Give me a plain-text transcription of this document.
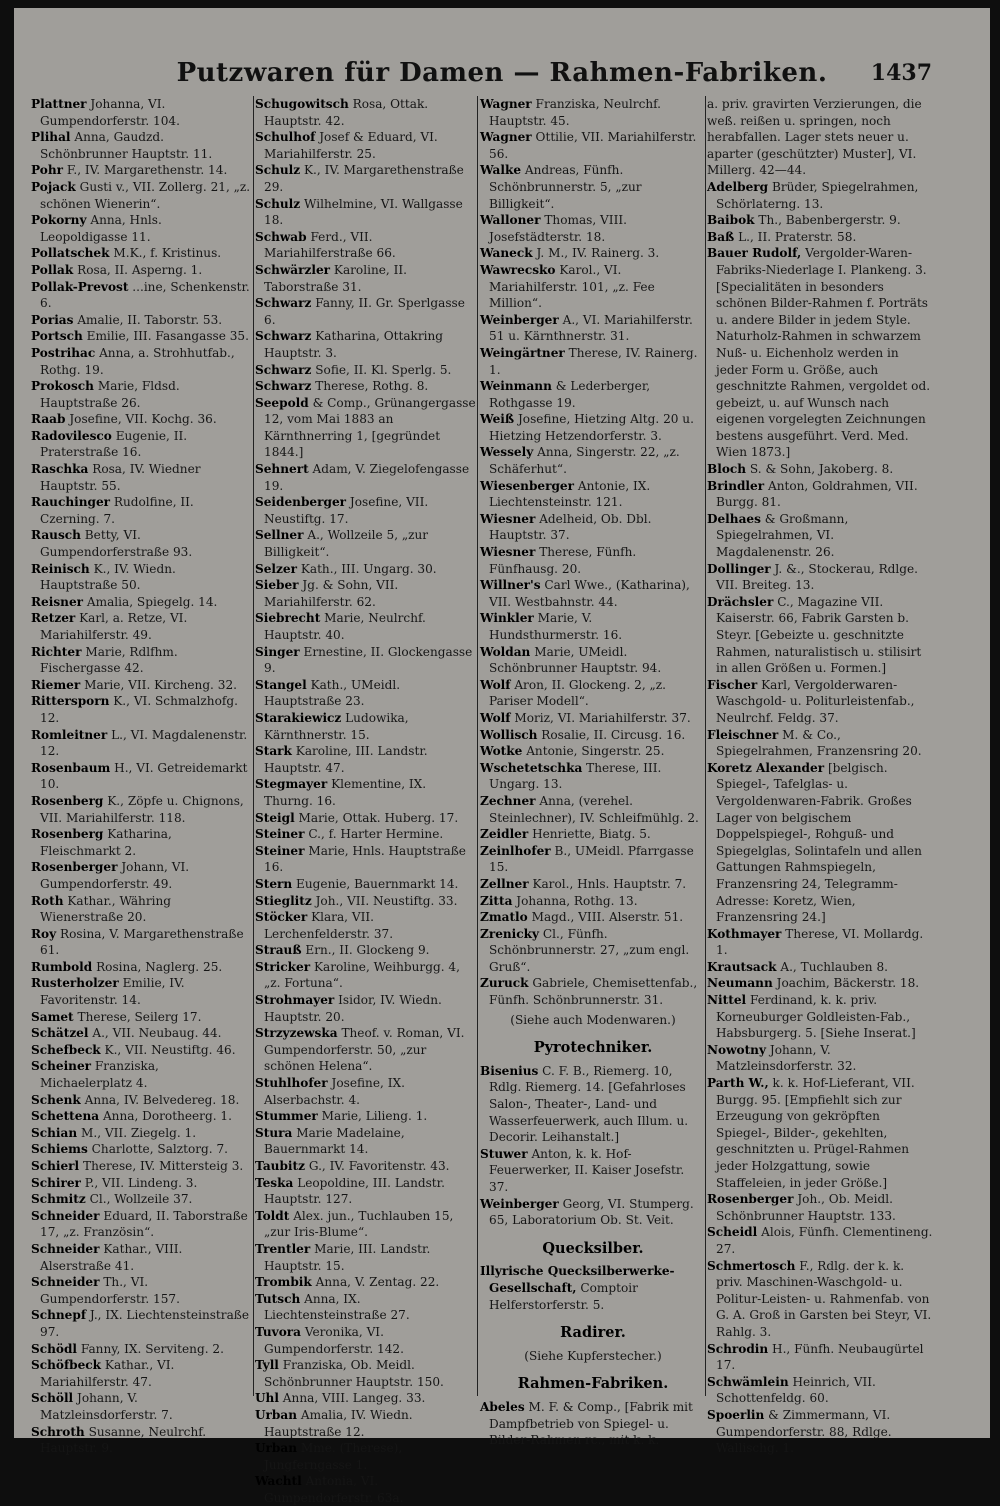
Putzwaren für Damen — Rahmen-Fabriken.	1437

Plattner Johanna, VI. Gumpendorferstr. 104.

Plihal Anna, Gaudzd. Schönbrunner Hauptstr. 11.

Pohr F., IV. Margarethenstr. 14.

Pojack Gusti v., VII. Zollerg. 21, „z. schönen Wienerin“.

Pokorny Anna, Hnls. Leopoldigasse 11.

Pollatschek M.K., f. Kristinus.

Pollak Rosa, II. Asperng. 1.

Pollak-Prevost ...ine, Schenkenstr. 6.

Porias Amalie, II. Taborstr. 53.

Portsch Emilie, III. Fasangasse 35.

Postrihac Anna, a. Strohhutfab., Rothg. 19.

Prokosch Marie, Fldsd. Hauptstraße 26.

Raab Josefine, VII. Kochg. 36.

Radovilesco Eugenie, II. Praterstraße 16.

Raschka Rosa, IV. Wiedner Hauptstr. 55.

Rauchinger Rudolfine, II. Czerning. 7.

Rausch Betty, VI. Gumpendorferstraße 93.

Reinisch K., IV. Wiedn. Hauptstraße 50.

Reisner Amalia, Spiegelg. 14.

Retzer Karl, a. Retze, VI. Mariahilferstr. 49.

Richter Marie, Rdlfhm. Fischergasse 42.

Riemer Marie, VII. Kircheng. 32.

Rittersporn K., VI. Schmalzhofg. 12.

Romleitner L., VI. Magdalenenstr. 12.

Rosenbaum H., VI. Getreidemarkt 10.

Rosenberg K., Zöpfe u. Chignons, VII. Mariahilferstr. 118.

Rosenberg Katharina, Fleischmarkt 2.

Rosenberger Johann, VI. Gumpendorferstr. 49.

Roth Kathar., Währing Wienerstraße 20.

Roy Rosina, V. Margarethenstraße 61.

Rumbold Rosina, Naglerg. 25.

Rusterholzer Emilie, IV. Favoritenstr. 14.

Samet Therese, Seilerg 17.

Schätzel A., VII. Neubaug. 44.

Schefbeck K., VII. Neustiftg. 46.

Scheiner Franziska, Michaelerplatz 4.

Schenk Anna, IV. Belvedereg. 18.

Schettena Anna, Dorotheerg. 1.

Schian M., VII. Ziegelg. 1.

Schiems Charlotte, Salztorg. 7.

Schierl Therese, IV. Mittersteig 3.

Schirer P., VII. Lindeng. 3.

Schmitz Cl., Wollzeile 37.

Schneider Eduard, II. Taborstraße 17, „z. Französin“.

Schneider Kathar., VIII. Alserstraße 41.

Schneider Th., VI. Gumpendorferstr. 157.

Schnepf J., IX. Liechtensteinstraße 97.

Schödl Fanny, IX. Serviteng. 2.

Schöfbeck Kathar., VI. Mariahilferstr. 47.

Schöll Johann, V. Matzleinsdorferstr. 7.

Schroth Susanne, Neulrchf. Hauptstr. 9.

Schugowitsch Rosa, Ottak. Hauptstr. 42.

Schulhof Josef & Eduard, VI. Mariahilferstr. 25.

Schulz K., IV. Margarethenstraße 29.

Schulz Wilhelmine, VI. Wallgasse 18.

Schwab Ferd., VII. Mariahilferstraße 66.

Schwärzler Karoline, II. Taborstraße 31.

Schwarz Fanny, II. Gr. Sperlgasse 6.

Schwarz Katharina, Ottakring Hauptstr. 3.

Schwarz Sofie, II. Kl. Sperlg. 5.

Schwarz Therese, Rothg. 8.

Seepold & Comp., Grünangergasse 12, vom Mai 1883 an Kärnthnerring 1, [gegründet 1844.]

Sehnert Adam, V. Ziegelofengasse 19.

Seidenberger Josefine, VII. Neustiftg. 17.

Sellner A., Wollzeile 5, „zur Billigkeit“.

Selzer Kath., III. Ungarg. 30.

Sieber Jg. & Sohn, VII. Mariahilferstr. 62.

Siebrecht Marie, Neulrchf. Hauptstr. 40.

Singer Ernestine, II. Glockengasse 9.

Stangel Kath., UMeidl. Hauptstraße 23.

Starakiewicz Ludowika, Kärnthnerstr. 15.

Stark Karoline, III. Landstr. Hauptstr. 47.

Stegmayer Klementine, IX. Thurng. 16.

Steigl Marie, Ottak. Huberg. 17.

Steiner C., f. Harter Hermine.

Steiner Marie, Hnls. Hauptstraße 16.

Stern Eugenie, Bauernmarkt 14.

Stieglitz Joh., VII. Neustiftg. 33.

Stöcker Klara, VII. Lerchenfelderstr. 37.

Strauß Ern., II. Glockeng 9.

Stricker Karoline, Weihburgg. 4, „z. Fortuna“.

Strohmayer Isidor, IV. Wiedn. Hauptstr. 20.

Strzyzewska Theof. v. Roman, VI. Gumpendorferstr. 50, „zur schönen Helena“.

Stuhlhofer Josefine, IX. Alserbachstr. 4.

Stummer Marie, Lilieng. 1.

Stura Marie Madelaine, Bauernmarkt 14.

Taubitz G., IV. Favoritenstr. 43.

Teska Leopoldine, III. Landstr. Hauptstr. 127.

Toldt Alex. jun., Tuchlauben 15, „zur Iris-Blume“.

Trentler Marie, III. Landstr. Hauptstr. 15.

Trombik Anna, V. Zentag. 22.

Tutsch Anna, IX. Liechtensteinstraße 27.

Tuvora Veronika, VI. Gumpendorferstr. 142.

Tyll Franziska, Ob. Meidl. Schönbrunner Hauptstr. 150.

Uhl Anna, VIII. Langeg. 33.

Urban Amalia, IV. Wiedn. Hauptstraße 12.

Urban Mme. (Therese), Jungferngasse 1.

Wachtl Antonia, VI. Gumpendorferstr. 63a.

Wagner Franziska, Neulrchf. Hauptstr. 45.

Wagner Ottilie, VII. Mariahilferstr. 56.

Walke Andreas, Fünfh. Schönbrunnerstr. 5, „zur Billigkeit“.

Walloner Thomas, VIII. Josefstädterstr. 18.

Waneck J. M., IV. Rainerg. 3.

Wawrecsko Karol., VI. Mariahilferstr. 101, „z. Fee Million“.

Weinberger A., VI. Mariahilferstr. 51 u. Kärnthnerstr. 31.

Weingärtner Therese, IV. Rainerg. 1.

Weinmann & Lederberger, Rothgasse 19.

Weiß Josefine, Hietzing Altg. 20 u. Hietzing Hetzendorferstr. 3.

Wessely Anna, Singerstr. 22, „z. Schäferhut“.

Wiesenberger Antonie, IX. Liechtensteinstr. 121.

Wiesner Adelheid, Ob. Dbl. Hauptstr. 37.

Wiesner Therese, Fünfh. Fünfhausg. 20.

Willner's Carl Wwe., (Katharina), VII. Westbahnstr. 44.

Winkler Marie, V. Hundsthurmerstr. 16.

Woldan Marie, UMeidl. Schönbrunner Hauptstr. 94.

Wolf Aron, II. Glockeng. 2, „z. Pariser Modell“.

Wolf Moriz, VI. Mariahilferstr. 37.

Wollisch Rosalie, II. Circusg. 16.

Wotke Antonie, Singerstr. 25.

Wschetetschka Therese, III. Ungarg. 13.

Zechner Anna, (verehel. Steinlechner), IV. Schleifmühlg. 2.

Zeidler Henriette, Biatg. 5.

Zeinlhofer B., UMeidl. Pfarrgasse 15.

Zellner Karol., Hnls. Hauptstr. 7.

Zitta Johanna, Rothg. 13.

Zmatlo Magd., VIII. Alserstr. 51.

Zrenicky Cl., Fünfh. Schönbrunnerstr. 27, „zum engl. Gruß“.

Zuruck Gabriele, Chemisettenfab., Fünfh. Schönbrunnerstr. 31.

(Siehe auch Modenwaren.)
Pyrotechniker.

Bisenius C. F. B., Riemerg. 10, Rdlg. Riemerg. 14. [Gefahrloses Salon-, Theater-, Land- und Wasserfeuerwerk, auch Illum. u. Decorir. Leihanstalt.]

Stuwer Anton, k. k. Hof-Feuerwerker, II. Kaiser Josefstr. 37.

Weinberger Georg, VI. Stumperg. 65, Laboratorium Ob. St. Veit.

Quecksilber.

Illyrische Quecksilberwerke-Gesellschaft, Comptoir Helferstorferstr. 5.

Radirer.
(Siehe Kupferstecher.)
Rahmen-Fabriken.

Abeles M. F. & Comp., [Fabrik mit Dampfbetrieb von Spiegel- u. Bilder-Rahmen rc., mit k. k.

a. priv. gravirten Verzierungen, die weß. reißen u. springen, noch herabfallen. Lager stets neuer u. aparter (geschützter) Muster], VI. Millerg. 42—44.

Adelberg Brüder, Spiegelrahmen, Schörlaterng. 13.

Baibok Th., Babenbergerstr. 9.

Baß L., II. Praterstr. 58.

Bauer Rudolf, Vergolder-Waren-Fabriks-Niederlage I. Plankeng. 3. [Specialitäten in besonders schönen Bilder-Rahmen f. Porträts u. andere Bilder in jedem Style. Naturholz-Rahmen in schwarzem Nuß- u. Eichenholz werden in jeder Form u. Größe, auch geschnitzte Rahmen, vergoldet od. gebeizt, u. auf Wunsch nach eigenen vorgelegten Zeichnungen bestens ausgeführt. Verd. Med. Wien 1873.]

Bloch S. & Sohn, Jakoberg. 8.

Brindler Anton, Goldrahmen, VII. Burgg. 81.

Delhaes & Großmann, Spiegelrahmen, VI. Magdalenenstr. 26.

Dollinger J. &., Stockerau, Rdlge. VII. Breiteg. 13.

Drächsler C., Magazine VII. Kaiserstr. 66, Fabrik Garsten b. Steyr. [Gebeizte u. geschnitzte Rahmen, naturalistisch u. stilisirt in allen Größen u. Formen.]

Fischer Karl, Vergolderwaren-Waschgold- u. Politurleistenfab., Neulrchf. Feldg. 37.

Fleischner M. & Co., Spiegelrahmen, Franzensring 20.

Koretz Alexander [belgisch. Spiegel-, Tafelglas- u. Vergoldenwaren-Fabrik. Großes Lager von belgischem Doppelspiegel-, Rohguß- und Spiegelglas, Solintafeln und allen Gattungen Rahmspiegeln, Franzensring 24, Telegramm-Adresse: Koretz, Wien, Franzensring 24.]

Kothmayer Therese, VI. Mollardg. 1.

Krautsack A., Tuchlauben 8.

Neumann Joachim, Bäckerstr. 18.

Nittel Ferdinand, k. k. priv. Korneuburger Goldleisten-Fab., Habsburgerg. 5. [Siehe Inserat.]

Nowotny Johann, V. Matzleinsdorferstr. 32.

Parth W., k. k. Hof-Lieferant, VII. Burgg. 95. [Empfiehlt sich zur Erzeugung von gekröpften Spiegel-, Bilder-, gekehlten, geschnitzten u. Prügel-Rahmen jeder Holzgattung, sowie Staffeleien, in jeder Größe.]

Rosenberger Joh., Ob. Meidl. Schönbrunner Hauptstr. 133.

Scheidl Alois, Fünfh. Clementineng. 27.

Schmertosch F., Rdlg. der k. k. priv. Maschinen-Waschgold- u. Politur-Leisten- u. Rahmenfab. von G. A. Groß in Garsten bei Steyr, VI. Rahlg. 3.

Schrodin H., Fünfh. Neubaugürtel 17.

Schwämlein Heinrich, VII. Schottenfeldg. 60.

Spoerlin & Zimmermann, VI. Gumpendorferstr. 88, Rdlge. Wallischg. 1.
